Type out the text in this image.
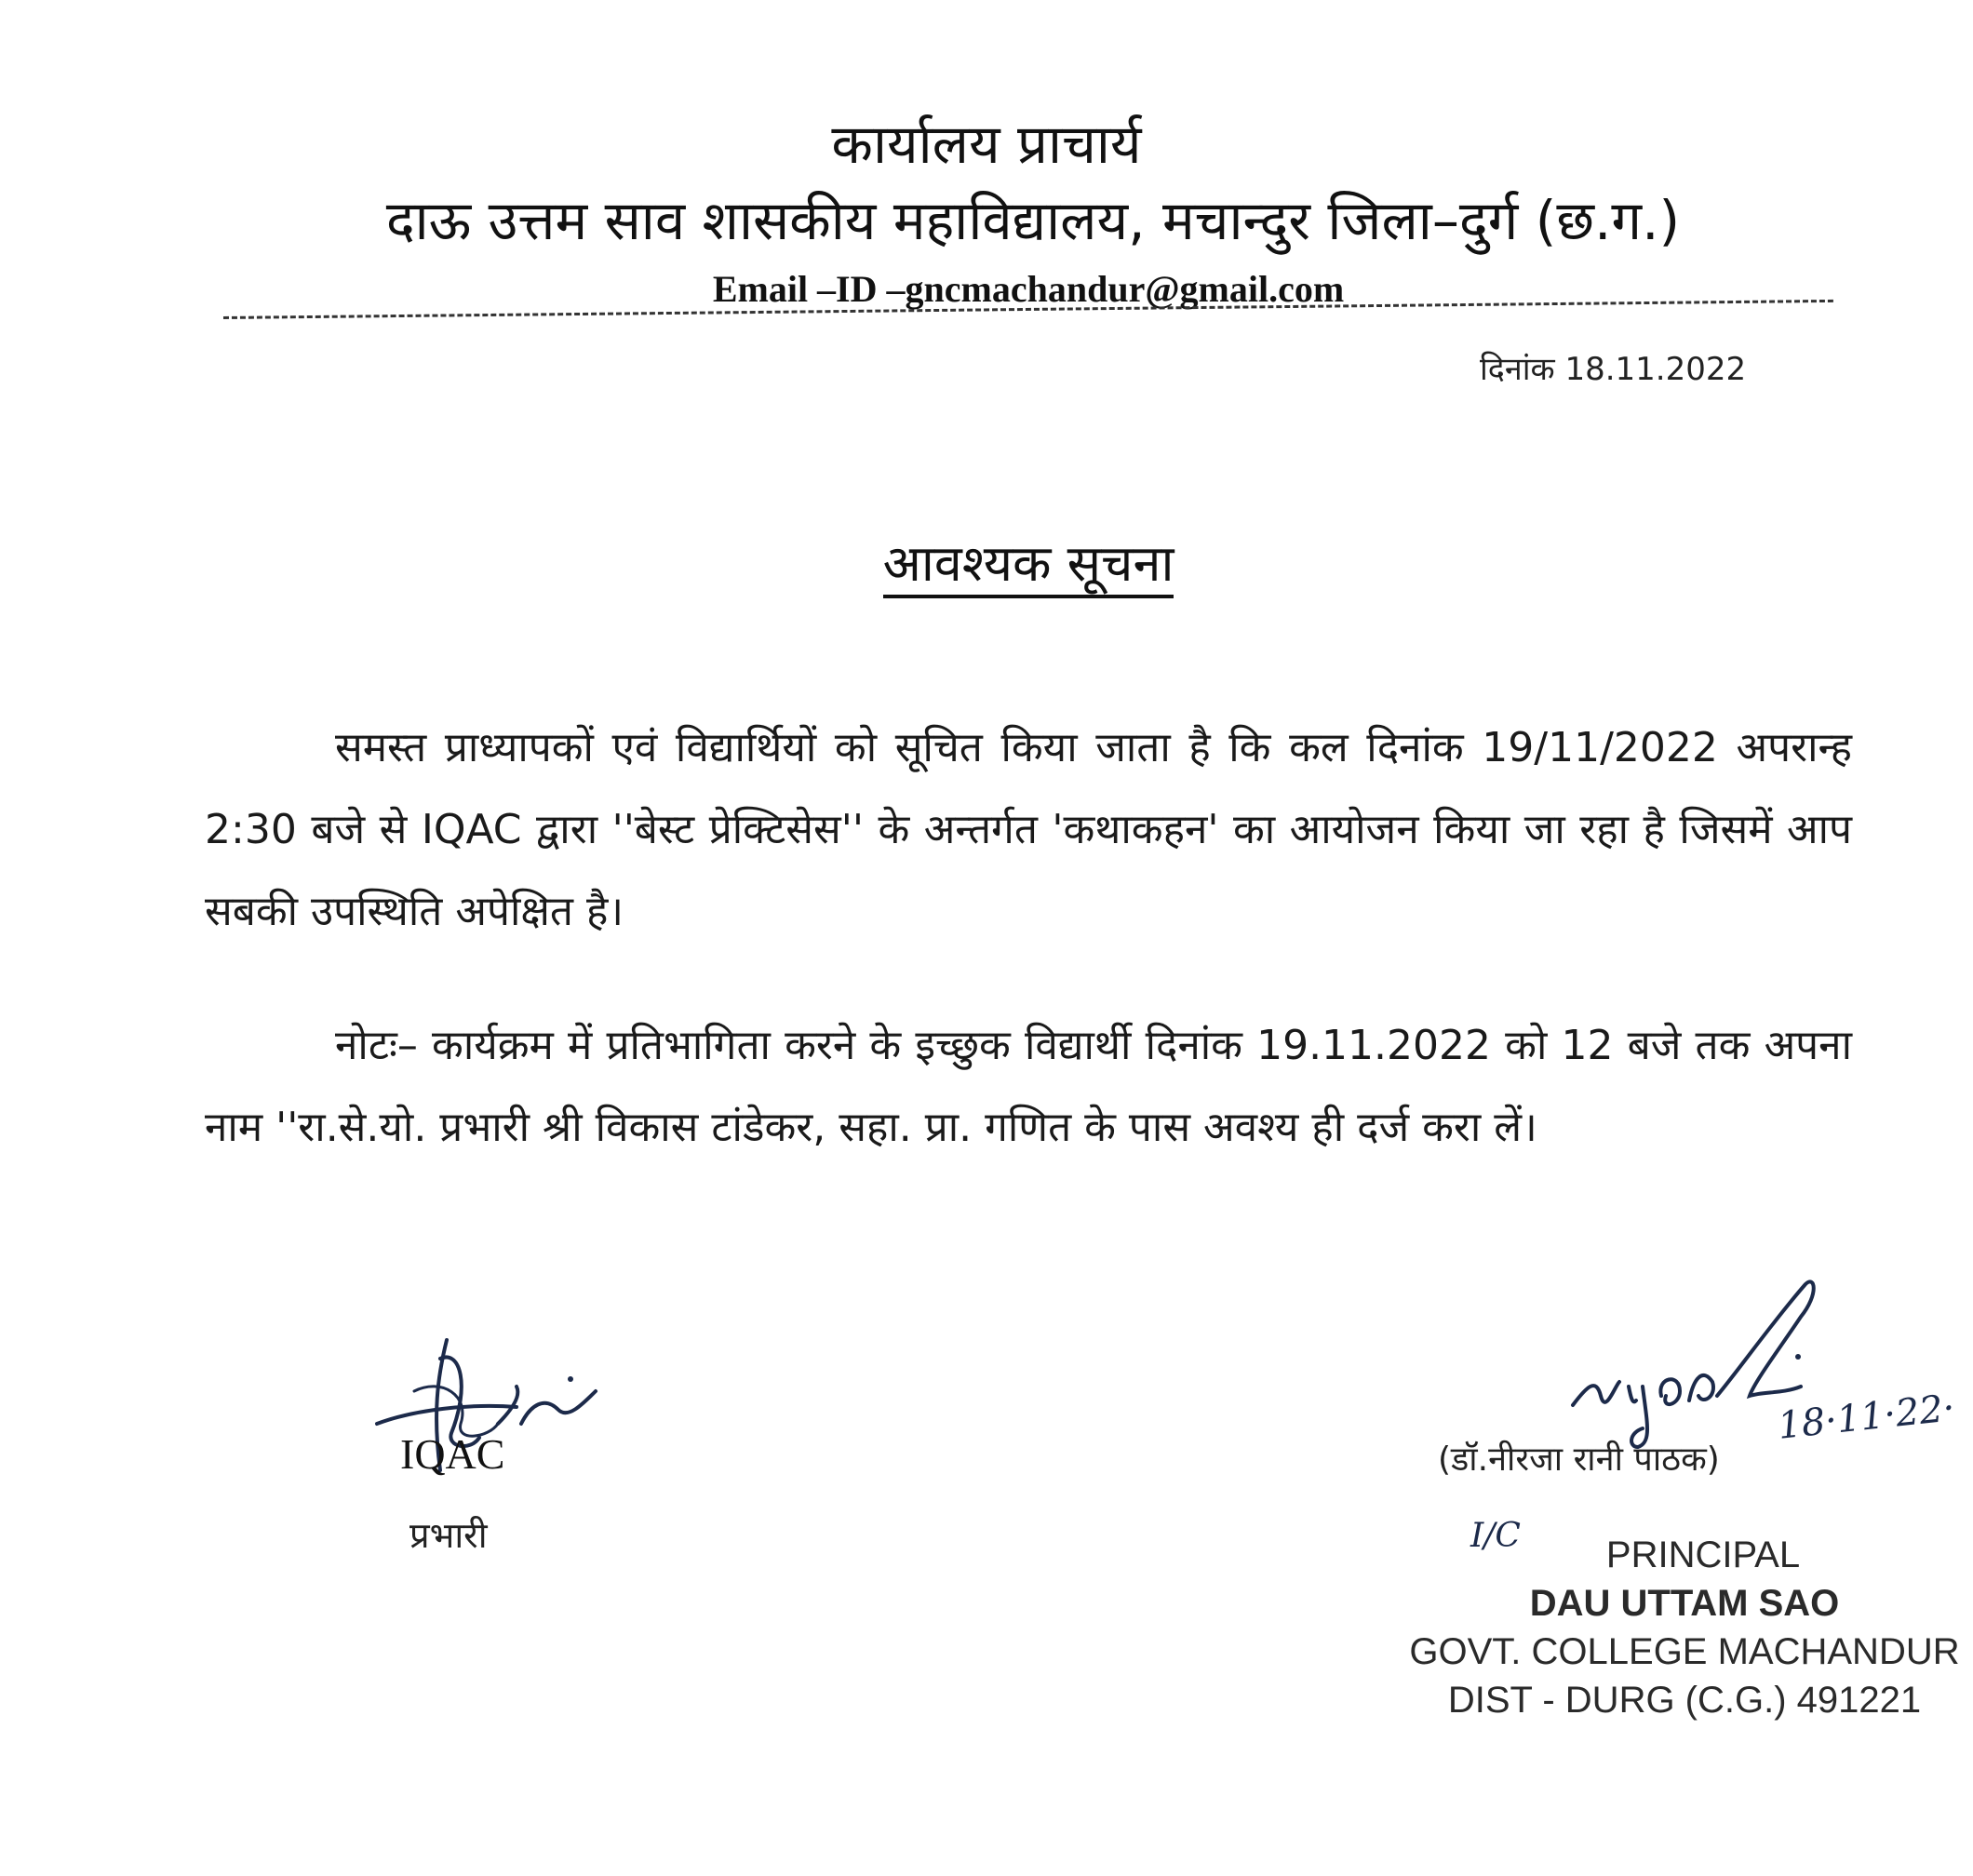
कार्यालय प्राचार्य
दाऊ उत्तम साव शासकीय महाविद्यालय, मचान्दुर जिला–दुर्ग (छ.ग.)
Email –ID –gncmachandur@gmail.com
दिनांक 18.11.2022
आवश्यक सूचना

समस्त प्राध्यापकों एवं विद्यार्थियों को सूचित किया जाता है कि कल दिनांक 19/11/2022 अपरान्ह 2:30 बजे से IQAC द्वारा ''बेस्ट प्रेक्टिसेस'' के अन्तर्गत 'कथाकहन' का आयोजन किया जा रहा है जिसमें आप सबकी उपस्थिति अपेक्षित है।

नोटः– कार्यक्रम में प्रतिभागिता करने के इच्छुक विद्यार्थी दिनांक 19.11.2022 को 12 बजे तक अपना नाम ''रा.से.यो. प्रभारी श्री विकास टांडेकर, सहा. प्रा. गणित के पास अवश्य ही दर्ज करा लें।

IQAC
प्रभारी
18·11·22·
(डॉ.नीरजा रानी पाठक)
I/C	PRINCIPAL
DAU UTTAM SAO
GOVT. COLLEGE MACHANDUR
DIST - DURG (C.G.) 491221
